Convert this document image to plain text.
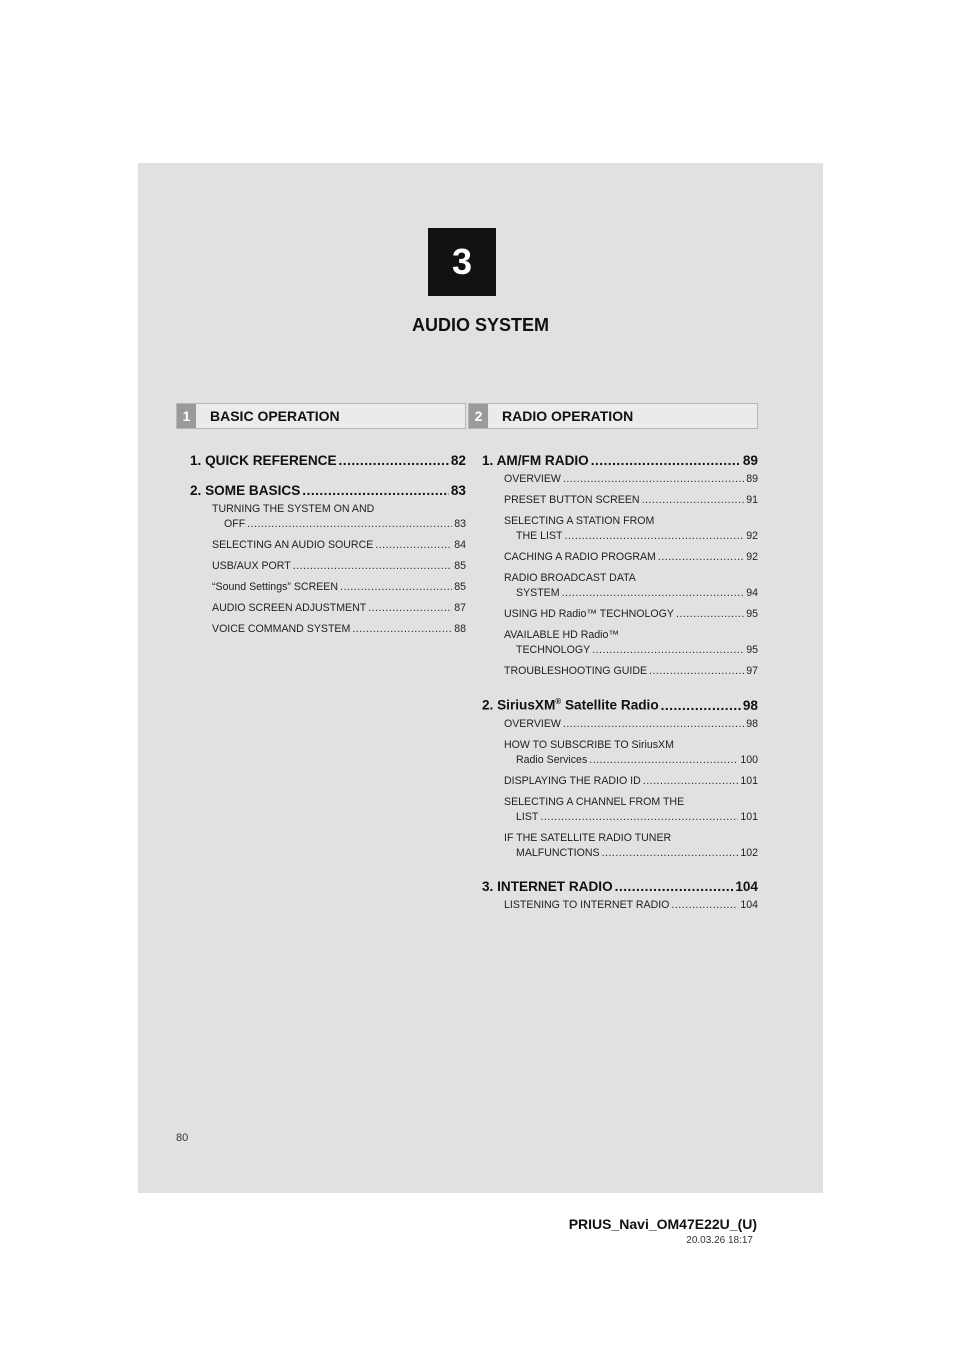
3
AUDIO SYSTEM
1	BASIC OPERATION
1. QUICK REFERENCE .....	82
2. SOME BASICS .....	83
TURNING THE SYSTEM ON AND
OFF .....	83
SELECTING AN AUDIO SOURCE .....	84
USB/AUX PORT .....	85
“Sound Settings” SCREEN .....	85
AUDIO SCREEN ADJUSTMENT .....	87
VOICE COMMAND SYSTEM .....	88
2	RADIO OPERATION
1. AM/FM RADIO .....	89
OVERVIEW .....	89
PRESET BUTTON SCREEN .....	91
SELECTING A STATION FROM
THE LIST .....	92
CACHING A RADIO PROGRAM .....	92
RADIO BROADCAST DATA
SYSTEM .....	94
USING HD Radio™ TECHNOLOGY .....	95
AVAILABLE HD Radio™
TECHNOLOGY .....	95
TROUBLESHOOTING GUIDE .....	97
2. SiriusXM® Satellite Radio .....	98
OVERVIEW .....	98
HOW TO SUBSCRIBE TO SiriusXM
Radio Services .....	100
DISPLAYING THE RADIO ID .....	101
SELECTING A CHANNEL FROM THE
LIST .....	101
IF THE SATELLITE RADIO TUNER
MALFUNCTIONS .....	102
3. INTERNET RADIO .....	104
LISTENING TO INTERNET RADIO .....	104
80
PRIUS_Navi_OM47E22U_(U)
20.03.26 18:17
